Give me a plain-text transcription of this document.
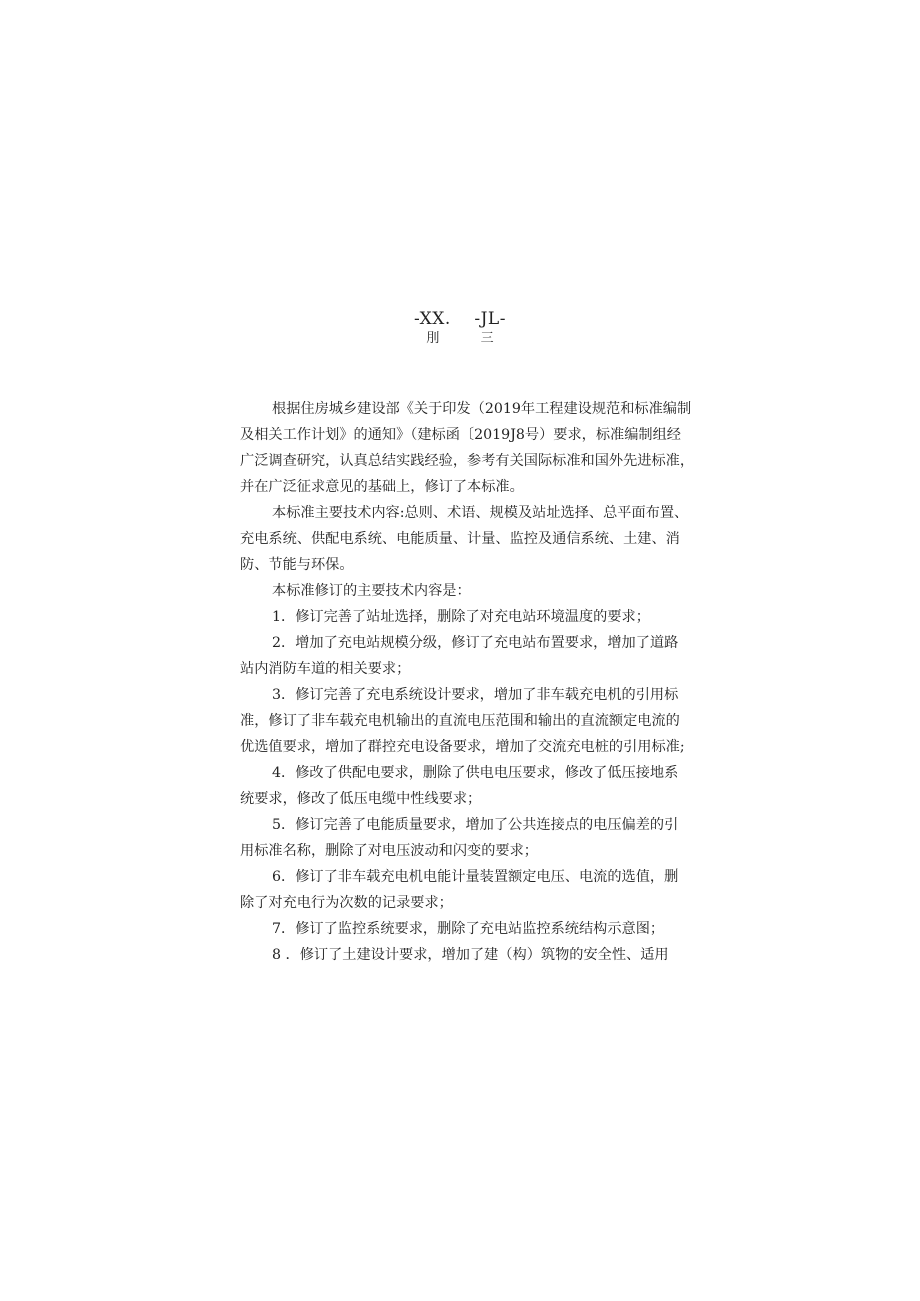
-XX.    -JL-
刖          三
根据住房城乡建设部《关于印发（2019年工程建设规范和标准编制
及相关工作计划》的通知》（建标函〔2019J8号）要求，标准编制组经
广泛调查研究，认真总结实践经验，参考有关国际标准和国外先进标准，
并在广泛征求意见的基础上，修订了本标准。
本标准主要技术内容:总则、术语、规模及站址选择、总平面布置、
充电系统、供配电系统、电能质量、计量、监控及通信系统、土建、消
防、节能与环保。
本标准修订的主要技术内容是：
1．修订完善了站址选择，删除了对充电站环境温度的要求；
2．增加了充电站规模分级，修订了充电站布置要求，增加了道路
站内消防车道的相关要求；
3．修订完善了充电系统设计要求，增加了非车载充电机的引用标
准，修订了非车载充电机输出的直流电压范围和输出的直流额定电流的
优选值要求，增加了群控充电设备要求，增加了交流充电桩的引用标准;
4．修改了供配电要求，删除了供电电压要求，修改了低压接地系
统要求，修改了低压电缆中性线要求；
5．修订完善了电能质量要求，增加了公共连接点的电压偏差的引
用标准名称，删除了对电压波动和闪变的要求；
6．修订了非车载充电机电能计量装置额定电压、电流的选值，删
除了对充电行为次数的记录要求；
7．修订了监控系统要求，删除了充电站监控系统结构示意图；
8 ．修订了土建设计要求，增加了建（构）筑物的安全性、适用
